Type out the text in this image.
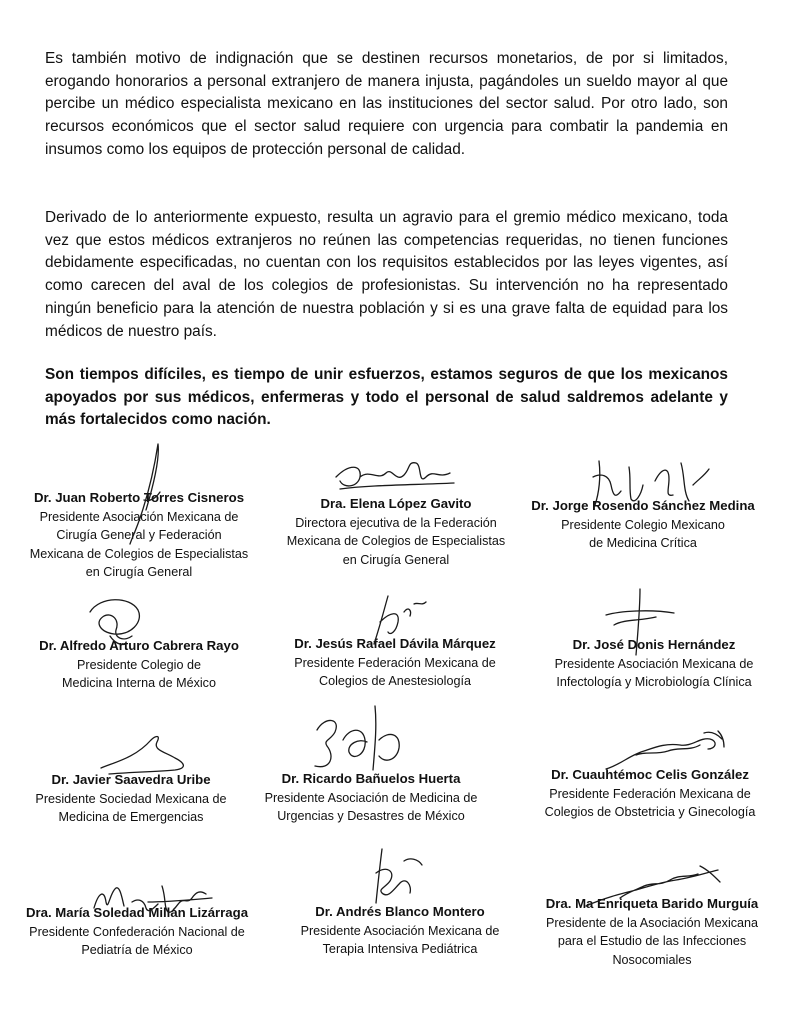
Es también motivo de indignación que se destinen recursos monetarios, de por si limitados, erogando honorarios a personal extranjero de manera injusta, pagándoles un sueldo mayor al que percibe un médico especialista mexicano en las instituciones del sector salud. Por otro lado, son recursos económicos que el sector salud requiere con urgencia para combatir la pandemia en insumos como los equipos de protección personal de calidad.

Derivado de lo anteriormente expuesto, resulta un agravio para el gremio médico mexicano, toda vez que estos médicos extranjeros no reúnen las competencias requeridas, no tienen funciones debidamente especificadas, no cuentan con los requisitos establecidos por las leyes vigentes, así como carecen del aval de los colegios de profesionistas. Su intervención no ha representado ningún beneficio para la atención de nuestra población y si es una grave falta de equidad para los médicos de nuestro país.

Son tiempos difíciles, es tiempo de unir esfuerzos, estamos seguros de que los mexicanos apoyados por sus médicos, enfermeras y todo el personal de salud saldremos adelante y más fortalecidos como nación.

Dr. Juan Roberto Torres Cisneros
Presidente Asociación Mexicana de
Cirugía General y Federación
Mexicana de Colegios de Especialistas
en Cirugía General
Dra. Elena López Gavito
Directora ejecutiva de la Federación
Mexicana de Colegios de Especialistas
en Cirugía General
Dr. Jorge Rosendo Sánchez Medina
Presidente Colegio Mexicano
de Medicina Crítica
Dr. Alfredo Arturo Cabrera Rayo
Presidente Colegio de
Medicina Interna de México
Dr. Jesús Rafael Dávila Márquez
Presidente Federación Mexicana de
Colegios de Anestesiología
Dr. José Donis Hernández
Presidente Asociación Mexicana de
Infectología y Microbiología Clínica
Dr. Javier Saavedra Uribe
Presidente Sociedad Mexicana de
Medicina de Emergencias
Dr. Ricardo Bañuelos Huerta
Presidente Asociación de Medicina de
Urgencias y Desastres de México
Dr. Cuauhtémoc Celis González
Presidente Federación Mexicana de
Colegios de Obstetricia y Ginecología
Dra. María Soledad Millán Lizárraga
Presidente Confederación Nacional de
Pediatría de México
Dr. Andrés Blanco Montero
Presidente Asociación Mexicana de
Terapia Intensiva Pediátrica
Dra. Ma Enriqueta Barido Murguía
Presidente de la Asociación Mexicana
para el Estudio de las Infecciones
Nosocomiales
